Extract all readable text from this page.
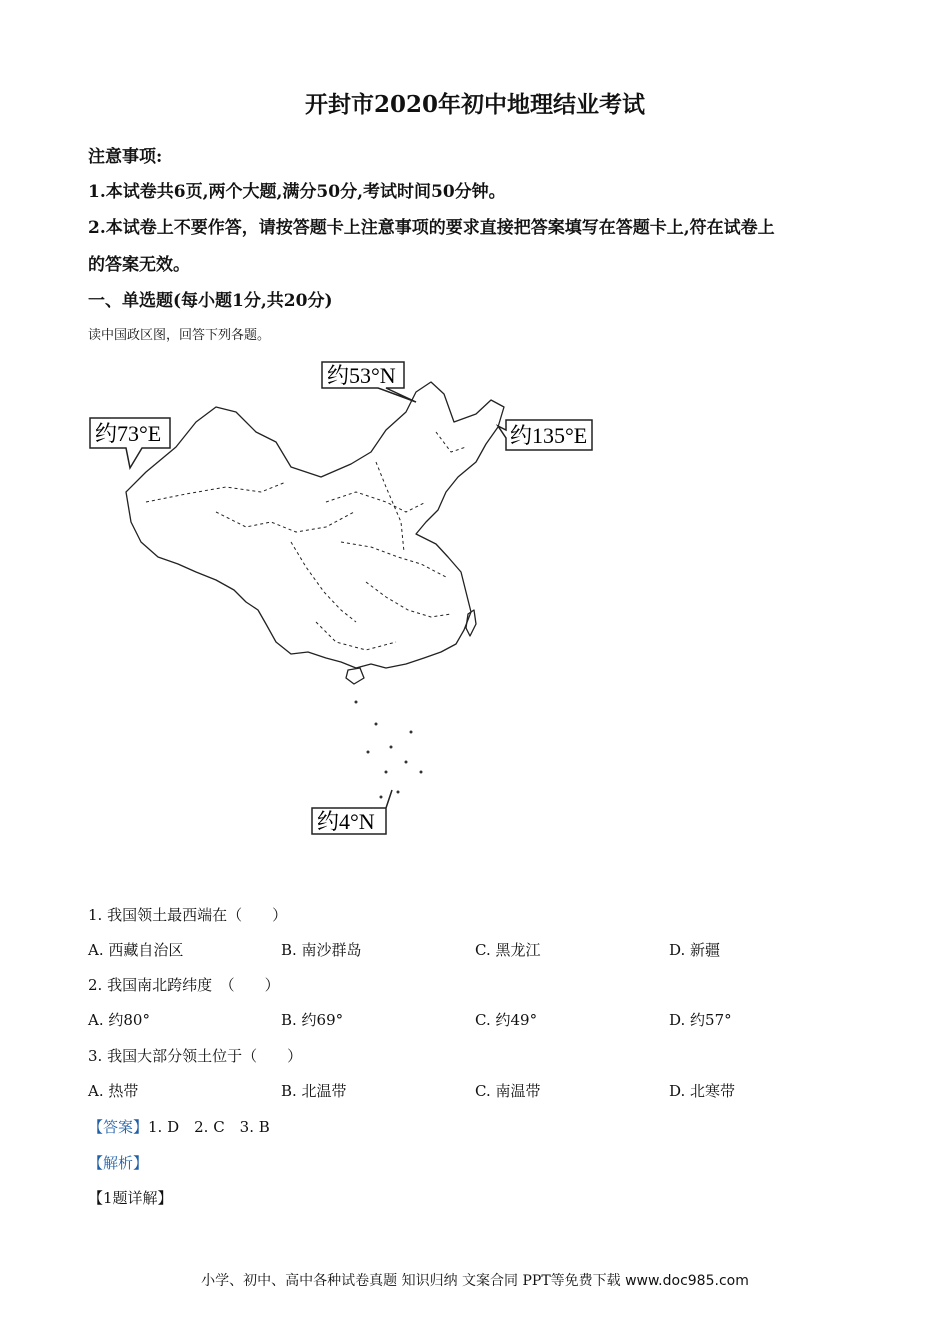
开封市2020年初中地理结业考试
注意事项:
1.本试卷共6页,两个大题,满分50分,考试时间50分钟。
2.本试卷上不要作答，请按答题卡上注意事项的要求直接把答案填写在答题卡上,符在试卷上
的答案无效。
一、单选题(每小题1分,共20分)
读中国政区图，回答下列各题。
约53°N
约73°E	约135°E
约4°N
1. 我国领土最西端在（　　）
A. 西藏自治区	B. 南沙群岛	C. 黑龙江	D. 新疆
2. 我国南北跨纬度　（　　）
A. 约80°	B. 约69°	C. 约49°	D. 约57°
3. 我国大部分领土位于（　　）
A. 热带	B. 北温带	C. 南温带	D. 北寒带
【答案】1. D　2. C　3. B
【解析】
【1题详解】
小学、初中、高中各种试卷真题 知识归纳 文案合同 PPT等免费下载 www.doc985.com
